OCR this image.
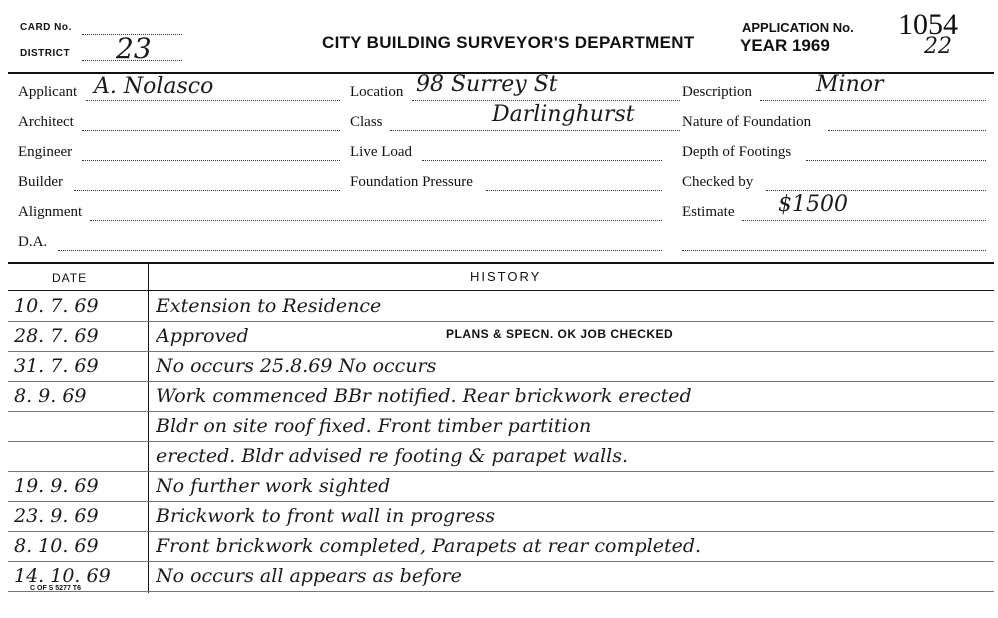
CARD No.
DISTRICT 23	CITY BUILDING SURVEYOR'S DEPARTMENT
APPLICATION No.
YEAR 1969
1054
22
Applicant A. Nolasco
Architect
Engineer
Builder
Alignment
D.A.
Location 98 Surrey St
Class	Darlinghurst
Live Load
Foundation Pressure
Description	Minor
Nature of Foundation
Depth of Footings
Checked by
Estimate $1500
DATE	HISTORY
10. 7. 69	Extension to Residence
28. 7. 69	Approved
31. 7. 69	No occurs 25.8.69 No occurs
8. 9. 69	Work commenced BBr notified. Rear brickwork erected
Bldr on site roof fixed. Front timber partition
erected. Bldr advised re footing & parapet walls.
19. 9. 69	No further work sighted
23. 9. 69	Brickwork to front wall in progress
8. 10. 69	Front brickwork completed, Parapets at rear completed.
14. 10. 69 No occurs all appears as before
PLANS & SPECN. OK JOB CHECKED
C OF S 5277 T6
